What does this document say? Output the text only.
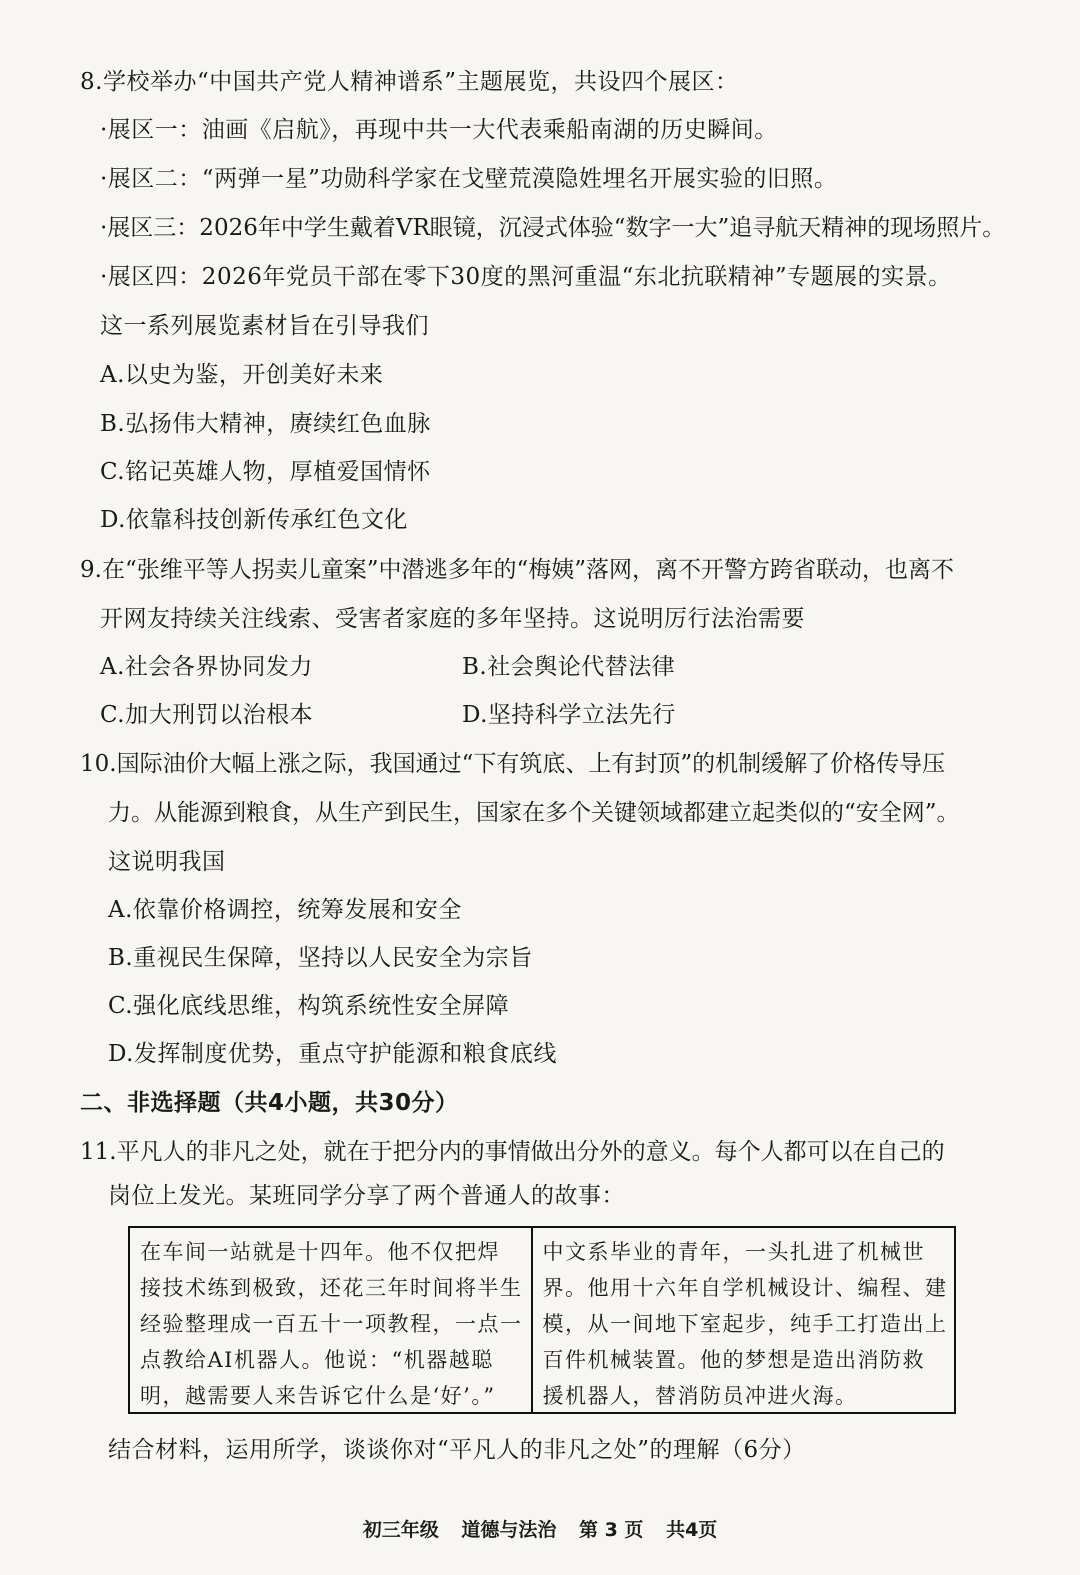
8.学校举办“中国共产党人精神谱系”主题展览，共设四个展区：
·展区一：油画《启航》，再现中共一大代表乘船南湖的历史瞬间。
·展区二：“两弹一星”功勋科学家在戈壁荒漠隐姓埋名开展实验的旧照。
·展区三：2026年中学生戴着VR眼镜，沉浸式体验“数字一大”追寻航天精神的现场照片。
·展区四：2026年党员干部在零下30度的黑河重温“东北抗联精神”专题展的实景。
这一系列展览素材旨在引导我们
A.以史为鉴，开创美好未来
B.弘扬伟大精神，赓续红色血脉
C.铭记英雄人物，厚植爱国情怀
D.依靠科技创新传承红色文化
9.在“张维平等人拐卖儿童案”中潜逃多年的“梅姨”落网，离不开警方跨省联动，也离不
开网友持续关注线索、受害者家庭的多年坚持。这说明厉行法治需要
A.社会各界协同发力	B.社会舆论代替法律
C.加大刑罚以治根本	D.坚持科学立法先行
10.国际油价大幅上涨之际，我国通过“下有筑底、上有封顶”的机制缓解了价格传导压
力。从能源到粮食，从生产到民生，国家在多个关键领域都建立起类似的“安全网”。
这说明我国
A.依靠价格调控，统筹发展和安全
B.重视民生保障，坚持以人民安全为宗旨
C.强化底线思维，构筑系统性安全屏障
D.发挥制度优势，重点守护能源和粮食底线
二、非选择题（共4小题，共30分）
11.平凡人的非凡之处，就在于把分内的事情做出分外的意义。每个人都可以在自己的
岗位上发光。某班同学分享了两个普通人的故事：

在车间一站就是十四年。他不仅把焊

接技术练到极致，还花三年时间将半生

经验整理成一百五十一项教程，一点一

点教给AI机器人。他说：“机器越聪

明，越需要人来告诉它什么是‘好’。”

中文系毕业的青年，一头扎进了机械世

界。他用十六年自学机械设计、编程、建

模，从一间地下室起步，纯手工打造出上

百件机械装置。他的梦想是造出消防救

援机器人，替消防员冲进火海。

结合材料，运用所学，谈谈你对“平凡人的非凡之处”的理解（6分）
初三年级 道德与法治 第 3 页 共4页
